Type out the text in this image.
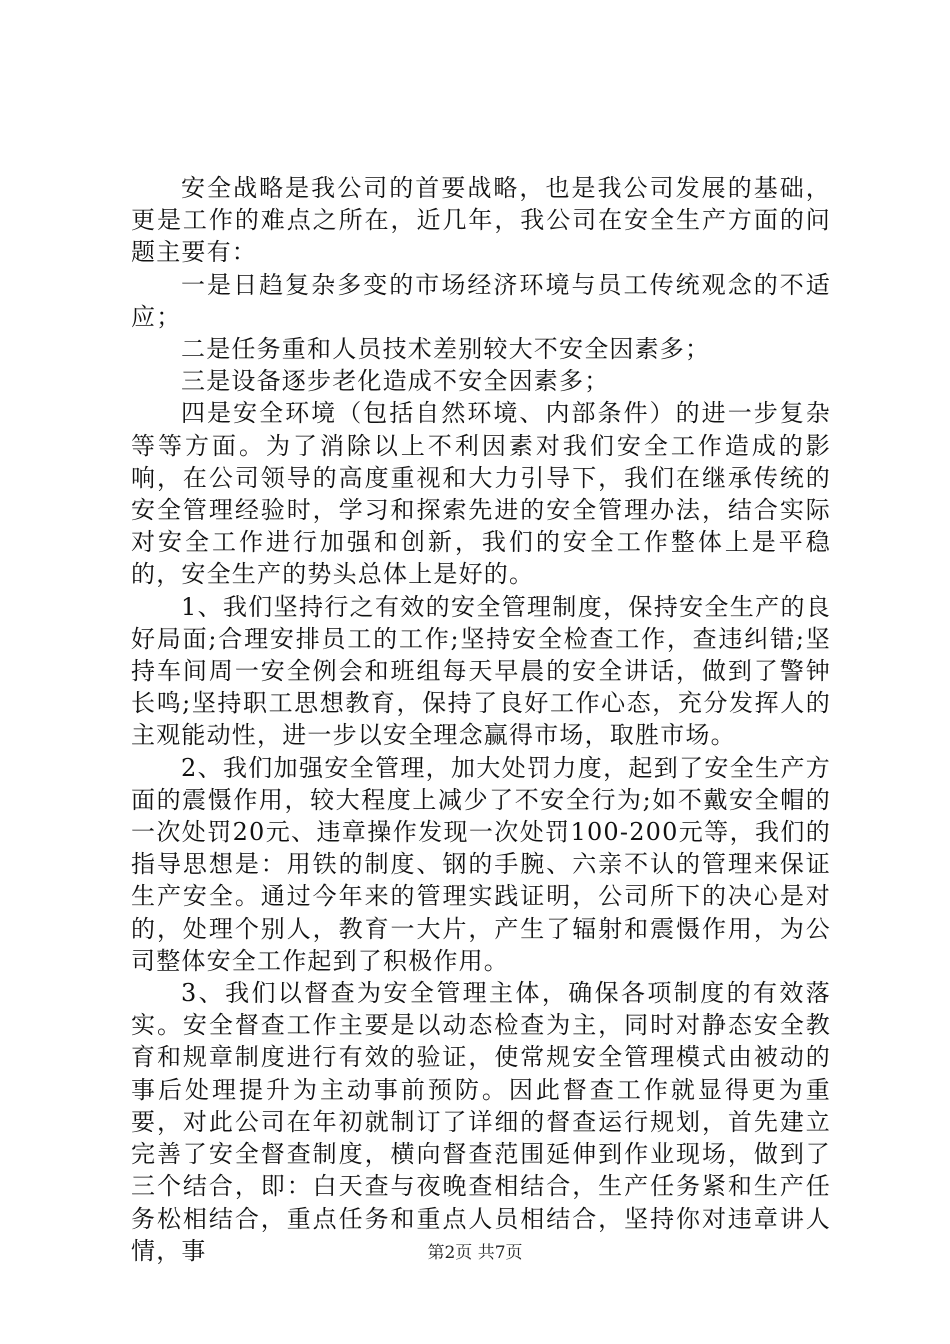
安全战略是我公司的首要战略，也是我公司发展的基础，更是工作的难点之所在，近几年，我公司在安全生产方面的问题主要有：

一是日趋复杂多变的市场经济环境与员工传统观念的不适应；

二是任务重和人员技术差别较大不安全因素多；

三是设备逐步老化造成不安全因素多；

四是安全环境（包括自然环境、内部条件）的进一步复杂等等方面。为了消除以上不利因素对我们安全工作造成的影响，在公司领导的高度重视和大力引导下，我们在继承传统的安全管理经验时，学习和探索先进的安全管理办法，结合实际对安全工作进行加强和创新，我们的安全工作整体上是平稳的，安全生产的势头总体上是好的。

1、我们坚持行之有效的安全管理制度，保持安全生产的良好局面;合理安排员工的工作;坚持安全检查工作，查违纠错;坚持车间周一安全例会和班组每天早晨的安全讲话，做到了警钟长鸣;坚持职工思想教育，保持了良好工作心态，充分发挥人的主观能动性，进一步以安全理念赢得市场，取胜市场。

2、我们加强安全管理，加大处罚力度，起到了安全生产方面的震慑作用，较大程度上减少了不安全行为;如不戴安全帽的一次处罚20元、违章操作发现一次处罚100-200元等，我们的指导思想是：用铁的制度、钢的手腕、六亲不认的管理来保证生产安全。通过今年来的管理实践证明，公司所下的决心是对的，处理个别人，教育一大片，产生了辐射和震慑作用，为公司整体安全工作起到了积极作用。

3、我们以督查为安全管理主体，确保各项制度的有效落实。安全督查工作主要是以动态检查为主，同时对静态安全教育和规章制度进行有效的验证，使常规安全管理模式由被动的事后处理提升为主动事前预防。因此督查工作就显得更为重要，对此公司在年初就制订了详细的督查运行规划，首先建立完善了安全督查制度，横向督查范围延伸到作业现场，做到了三个结合，即：白天查与夜晚查相结合，生产任务紧和生产任务松相结合，重点任务和重点人员相结合，坚持你对违章讲人情，事	第2页 共7页
